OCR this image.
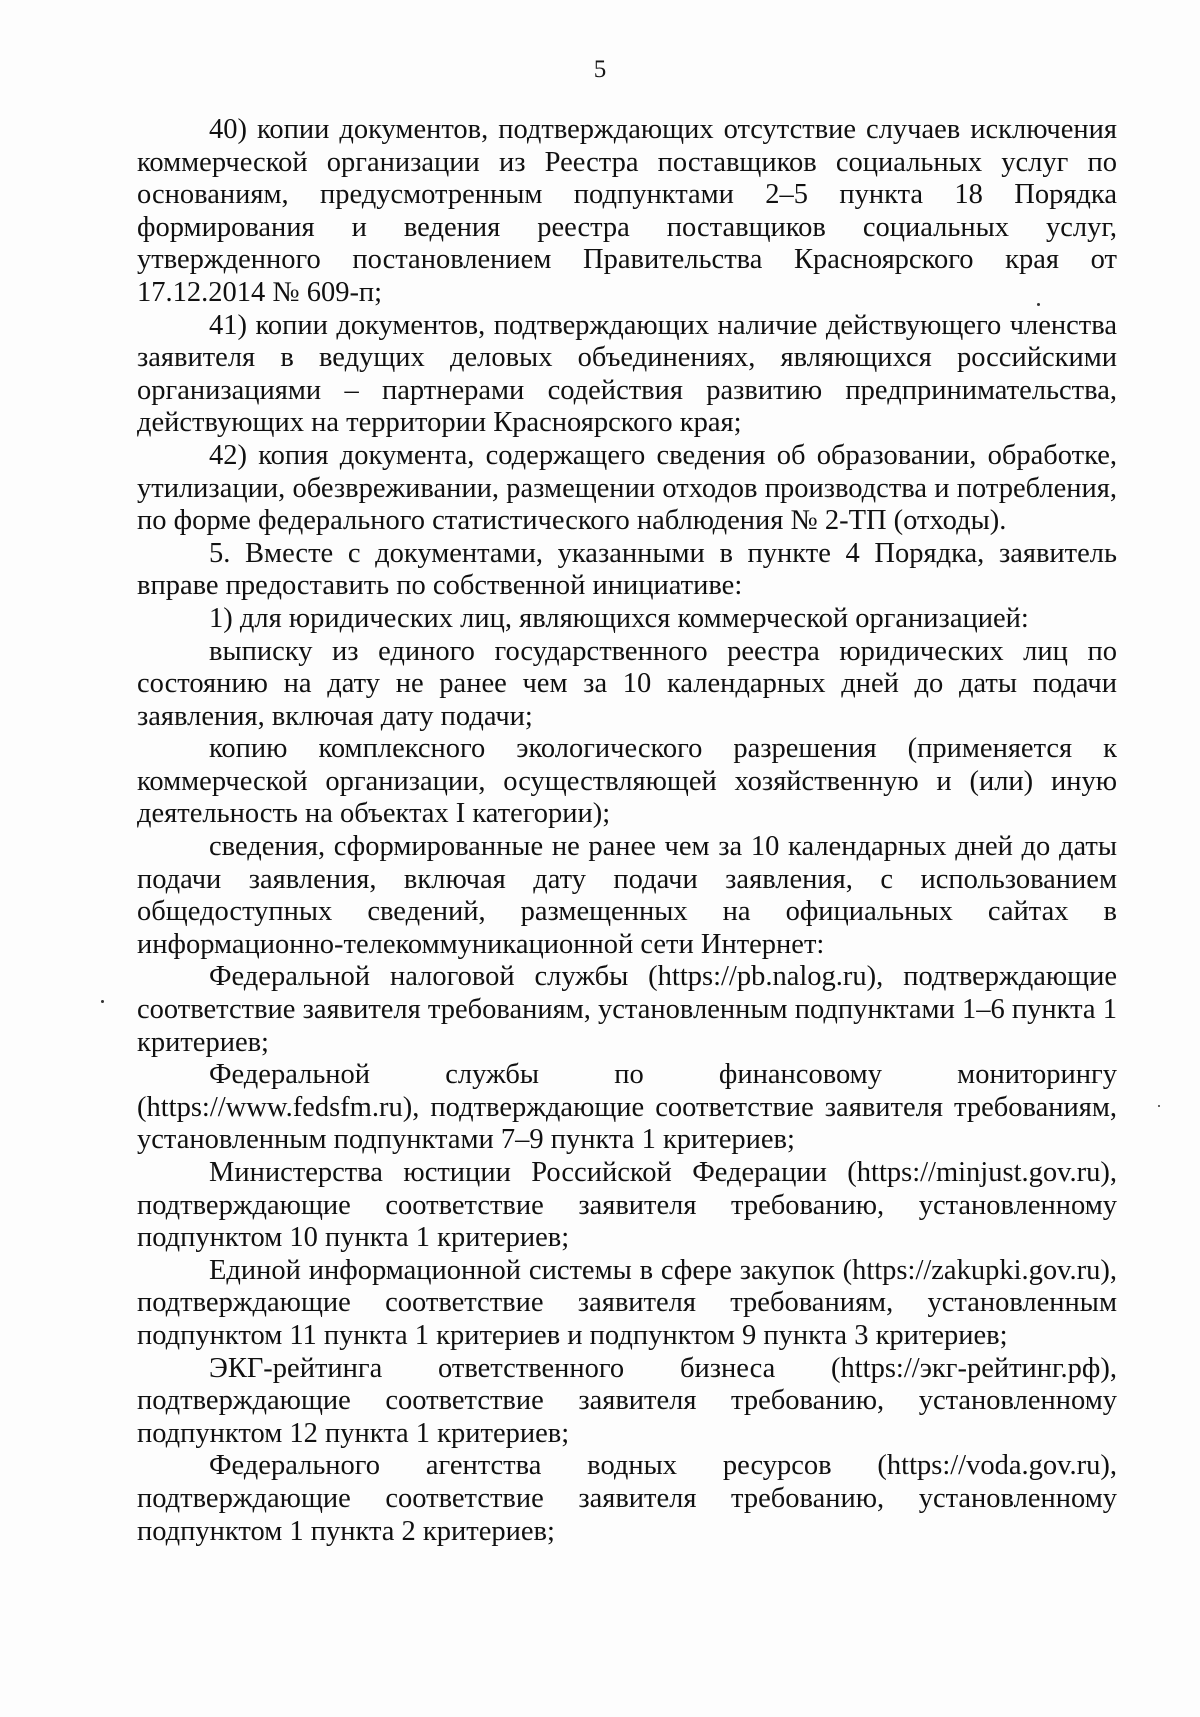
5

40) копии документов, подтверждающих отсутствие случаев исключения коммерческой организации из Реестра поставщиков социальных услуг по основаниям, предусмотренным подпунктами 2–5 пункта 18 Порядка формирования и ведения реестра поставщиков социальных услуг, утвержденного постановлением Правительства Красноярского края от 17.12.2014 № 609-п;

41) копии документов, подтверждающих наличие действующего членства заявителя в ведущих деловых объединениях, являющихся российскими организациями – партнерами содействия развитию предпринимательства, действующих на территории Красноярского края;

42) копия документа, содержащего сведения об образовании, обработке, утилизации, обезвреживании, размещении отходов производства и потребления, по форме федерального статистического наблюдения № 2-ТП (отходы).

5. Вместе с документами, указанными в пункте 4 Порядка, заявитель вправе предоставить по собственной инициативе:

1) для юридических лиц, являющихся коммерческой организацией:

выписку из единого государственного реестра юридических лиц по состоянию на дату не ранее чем за 10 календарных дней до даты подачи заявления, включая дату подачи;

копию комплексного экологического разрешения (применяется к коммерческой организации, осуществляющей хозяйственную и (или) иную деятельность на объектах I категории);

сведения, сформированные не ранее чем за 10 календарных дней до даты подачи заявления, включая дату подачи заявления, с использованием общедоступных сведений, размещенных на официальных сайтах в информационно-телекоммуникационной сети Интернет:

Федеральной налоговой службы (https://pb.nalog.ru), подтверждающие соответствие заявителя требованиям, установленным подпунктами 1–6 пункта 1 критериев;

Федеральной службы по финансовому мониторингу (https://www.fedsfm.ru), подтверждающие соответствие заявителя требованиям, установленным подпунктами 7–9 пункта 1 критериев;

Министерства юстиции Российской Федерации (https://minjust.gov.ru), подтверждающие соответствие заявителя требованию, установленному подпунктом 10 пункта 1 критериев;

Единой информационной системы в сфере закупок (https://zakupki.gov.ru), подтверждающие соответствие заявителя требованиям, установленным подпунктом 11 пункта 1 критериев и подпунктом 9 пункта 3 критериев;

ЭКГ-рейтинга ответственного бизнеса (https://экг-рейтинг.рф), подтверждающие соответствие заявителя требованию, установленному подпунктом 12 пункта 1 критериев;

Федерального агентства водных ресурсов (https://voda.gov.ru), подтверждающие соответствие заявителя требованию, установленному подпунктом 1 пункта 2 критериев;
